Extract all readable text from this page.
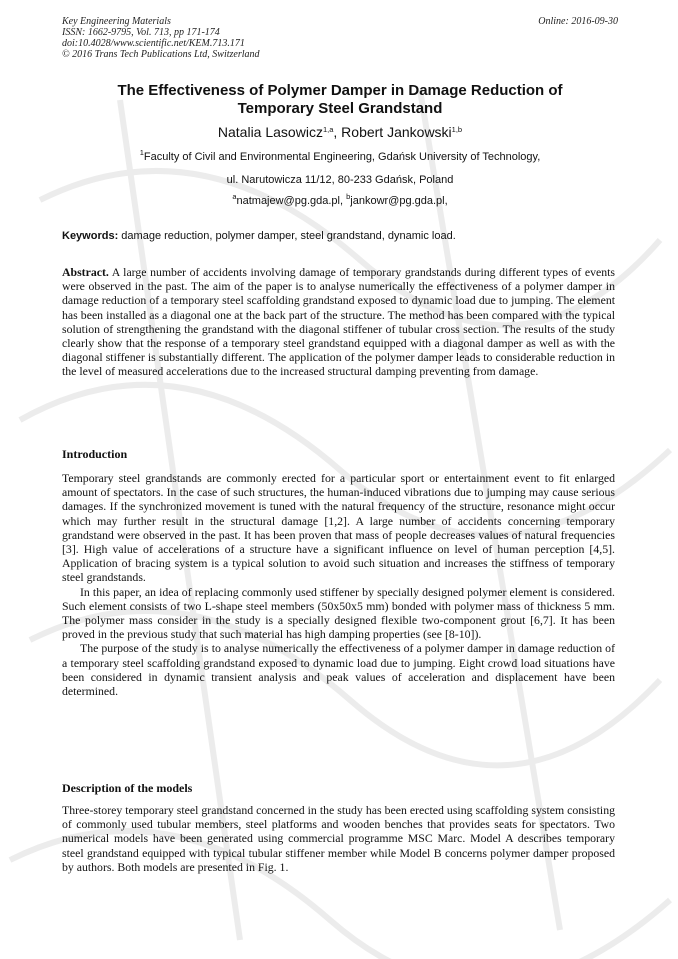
Key Engineering Materials
ISSN: 1662-9795, Vol. 713, pp 171-174
doi:10.4028/www.scientific.net/KEM.713.171
© 2016 Trans Tech Publications Ltd, Switzerland
Online: 2016-09-30
The Effectiveness of Polymer Damper in Damage Reduction of
Temporary Steel Grandstand
Natalia Lasowicz$^{1,a}$, Robert Jankowski$^{1,b}$
$^1$Faculty of Civil and Environmental Engineering, Gdańsk University of Technology,
ul. Narutowicza 11/12, 80-233 Gdańsk, Poland
$^a$natmajew@pg.gda.pl, $^b$jankowr@pg.gda.pl,
Keywords: damage reduction, polymer damper, steel grandstand, dynamic load.

Abstract. A large number of accidents involving damage of temporary grandstands during different types of events were observed in the past. The aim of the paper is to analyse numerically the effectiveness of a polymer damper in damage reduction of a temporary steel scaffolding grandstand exposed to dynamic load due to jumping. The element has been installed as a diagonal one at the back part of the structure. The method has been compared with the typical solution of strengthening the grandstand with the diagonal stiffener of tubular cross section. The results of the study clearly show that the response of a temporary steel grandstand equipped with a diagonal damper as well as with the diagonal stiffener is substantially different. The application of the polymer damper leads to considerable reduction in the level of measured accelerations due to the increased structural damping preventing from damage.

Introduction

Temporary steel grandstands are commonly erected for a particular sport or entertainment event to fit enlarged amount of spectators. In the case of such structures, the human-induced vibrations due to jumping may cause serious damages. If the synchronized movement is tuned with the natural frequency of the structure, resonance might occur which may further result in the structural damage [1,2]. A large number of accidents concerning temporary grandstand were observed in the past. It has been proven that mass of people decreases values of natural frequencies [3]. High value of accelerations of a structure have a significant influence on level of human perception [4,5]. Application of bracing system is a typical solution to avoid such situation and increases the stiffness of temporary steel grandstands.

In this paper, an idea of replacing commonly used stiffener by specially designed polymer element is considered. Such element consists of two L-shape steel members (50x50x5 mm) bonded with polymer mass of thickness 5 mm. The polymer mass consider in the study is a specially designed flexible two-component grout [6,7]. It has been proved in the previous study that such material has high damping properties (see [8-10]).

The purpose of the study is to analyse numerically the effectiveness of a polymer damper in damage reduction of a temporary steel scaffolding grandstand exposed to dynamic load due to jumping. Eight crowd load situations have been considered in dynamic transient analysis and peak values of acceleration and displacement have been determined.

Description of the models

Three-storey temporary steel grandstand concerned in the study has been erected using scaffolding system consisting of commonly used tubular members, steel platforms and wooden benches that provides seats for spectators. Two numerical models have been generated using commercial programme MSC Marc. Model A describes temporary steel grandstand equipped with typical tubular stiffener member while Model B concerns polymer damper proposed by authors. Both models are presented in Fig. 1.
